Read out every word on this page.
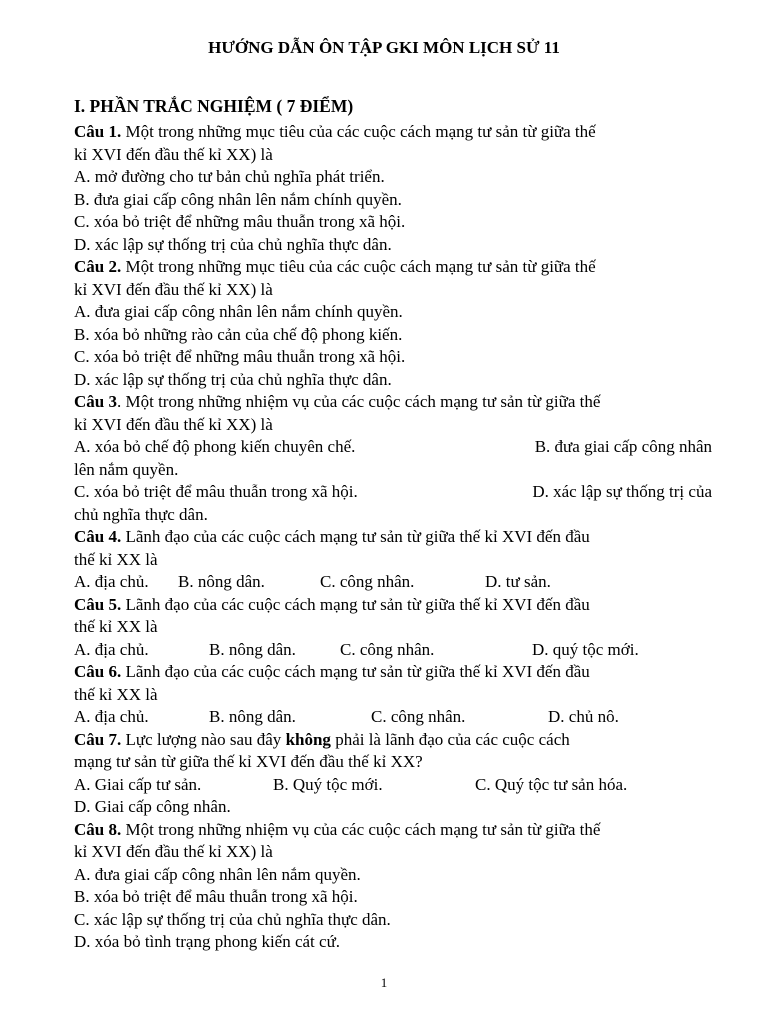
HƯỚNG DẪN ÔN TẬP GKI MÔN LỊCH SỬ 11
I. PHẦN TRẮC NGHIỆM ( 7 ĐIỂM)

Câu 1. Một trong những mục tiêu của các cuộc cách mạng tư sản từ giữa thế

kỉ XVI đến đầu thế kỉ XX) là

A. mở đường cho tư bản chủ nghĩa phát triển.

B. đưa giai cấp công nhân lên nắm chính quyền.

C. xóa bỏ triệt để những mâu thuẫn trong xã hội.

D. xác lập sự thống trị của chủ nghĩa thực dân.

Câu 2. Một trong những mục tiêu của các cuộc cách mạng tư sản từ giữa thế

kỉ XVI đến đầu thế kỉ XX) là

A. đưa giai cấp công nhân lên nắm chính quyền.

B. xóa bỏ những rào cản của chế độ phong kiến.

C. xóa bỏ triệt để những mâu thuẫn trong xã hội.

D. xác lập sự thống trị của chủ nghĩa thực dân.

Câu 3. Một trong những nhiệm vụ của các cuộc cách mạng tư sản từ giữa thế

kỉ XVI đến đầu thế kỉ XX) là

A. xóa bỏ chế độ phong kiến chuyên chế.	B. đưa giai cấp công nhân

lên nắm quyền.

C. xóa bỏ triệt để mâu thuẫn trong xã hội.	D. xác lập sự thống trị của

chủ nghĩa thực dân.

Câu 4. Lãnh đạo của các cuộc cách mạng tư sản từ giữa thế kỉ XVI đến đầu

thế kỉ XX là

A. địa chủ.	B. nông dân.	C. công nhân.	D. tư sản.

Câu 5. Lãnh đạo của các cuộc cách mạng tư sản từ giữa thế kỉ XVI đến đầu

thế kỉ XX là

A. địa chủ.	B. nông dân.	C. công nhân.	D. quý tộc mới.

Câu 6. Lãnh đạo của các cuộc cách mạng tư sản từ giữa thế kỉ XVI đến đầu

thế kỉ XX là

A. địa chủ.	B. nông dân.	C. công nhân.	D. chủ nô.

Câu 7. Lực lượng nào sau đây không phải là lãnh đạo của các cuộc cách

mạng tư sản từ giữa thế kỉ XVI đến đầu thế kỉ XX?

A. Giai cấp tư sản.	B. Quý tộc mới.	C. Quý tộc tư sản hóa.

D. Giai cấp công nhân.

Câu 8. Một trong những nhiệm vụ của các cuộc cách mạng tư sản từ giữa thế

kỉ XVI đến đầu thế kỉ XX) là

A. đưa giai cấp công nhân lên nắm quyền.

B. xóa bỏ triệt để mâu thuẫn trong xã hội.

C. xác lập sự thống trị của chủ nghĩa thực dân.

D. xóa bỏ tình trạng phong kiến cát cứ.

1
